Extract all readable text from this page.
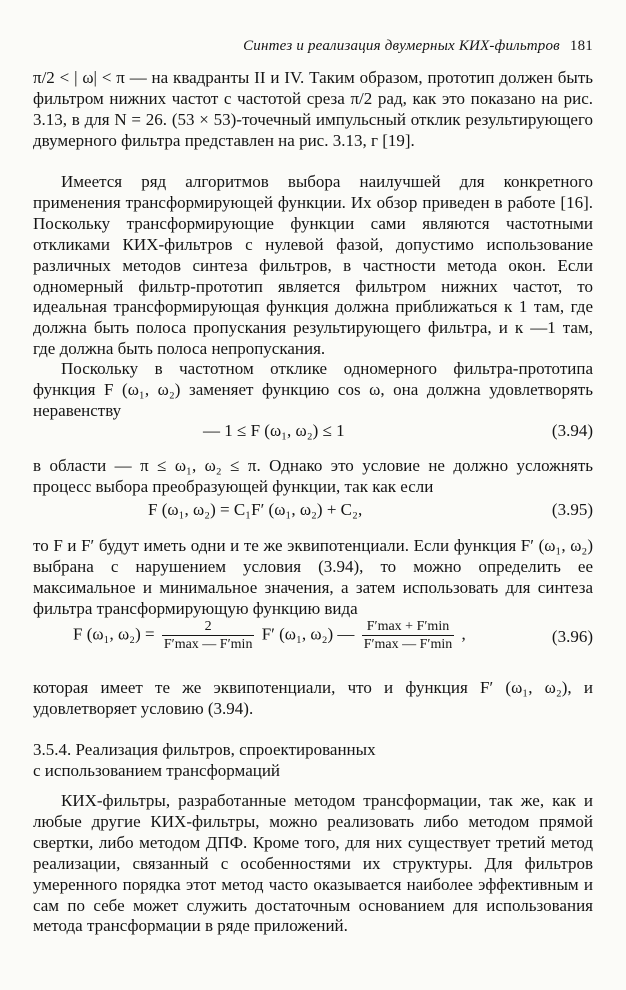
Синтез и реализация двумерных КИХ-фильтров 181

π/2 < | ω| < π — на квадранты II и IV. Таким образом, прототип должен быть фильтром нижних частот с частотой среза π/2 рад, как это показано на рис. 3.13, в для N = 26. (53 × 53)-точечный импульсный отклик результирующего двумерного фильтра представлен на рис. 3.13, г [19].

Имеется ряд алгоритмов выбора наилучшей для конкретного применения трансформирующей функции. Их обзор приведен в работе [16]. Поскольку трансформирующие функции сами являются частотными откликами КИХ-фильтров с нулевой фазой, допустимо использование различных методов синтеза фильтров, в частности метода окон. Если одномерный фильтр-прототип является фильтром нижних частот, то идеальная трансформирующая функция должна приближаться к 1 там, где должна быть полоса пропускания результирующего фильтра, и к —1 там, где должна быть полоса непропускания.

Поскольку в частотном отклике одномерного фильтра-прототипа функция F (ω₁, ω₂) заменяет функцию cos ω, она должна удовлетворять неравенству

— 1 ≤ F (ω₁, ω₂) ≤ 1	(3.94)

в области — π ≤ ω₁, ω₂ ≤ π. Однако это условие не должно усложнять процесс выбора преобразующей функции, так как если

F (ω₁, ω₂) = C₁F′ (ω₁, ω₂) + C₂,	(3.95)

то F и F′ будут иметь одни и те же эквипотенциали. Если функция F′ (ω₁, ω₂) выбрана с нарушением условия (3.94), то можно определить ее максимальное и минимальное значения, а затем использовать для синтеза фильтра трансформирующую функцию вида

F (ω₁, $\omega_2) = \frac{2}{F'\max — F'\min} F'$ (ω₁, ω₂) — $\frac{F'\max + F'\min}{F'\max — F'\min}$ ,	(3.96)

которая имеет те же эквипотенциали, что и функция F′ (ω₁, ω₂), и удовлетворяет условию (3.94).

3.5.4. Реализация фильтров, спроектированных
с использованием трансформаций

КИХ-фильтры, разработанные методом трансформации, так же, как и любые другие КИХ-фильтры, можно реализовать либо методом прямой свертки, либо методом ДПФ. Кроме того, для них существует третий метод реализации, связанный с особенностями их структуры. Для фильтров умеренного порядка этот метод часто оказывается наиболее эффективным и сам по себе может служить достаточным основанием для использования метода трансформации в ряде приложений.
